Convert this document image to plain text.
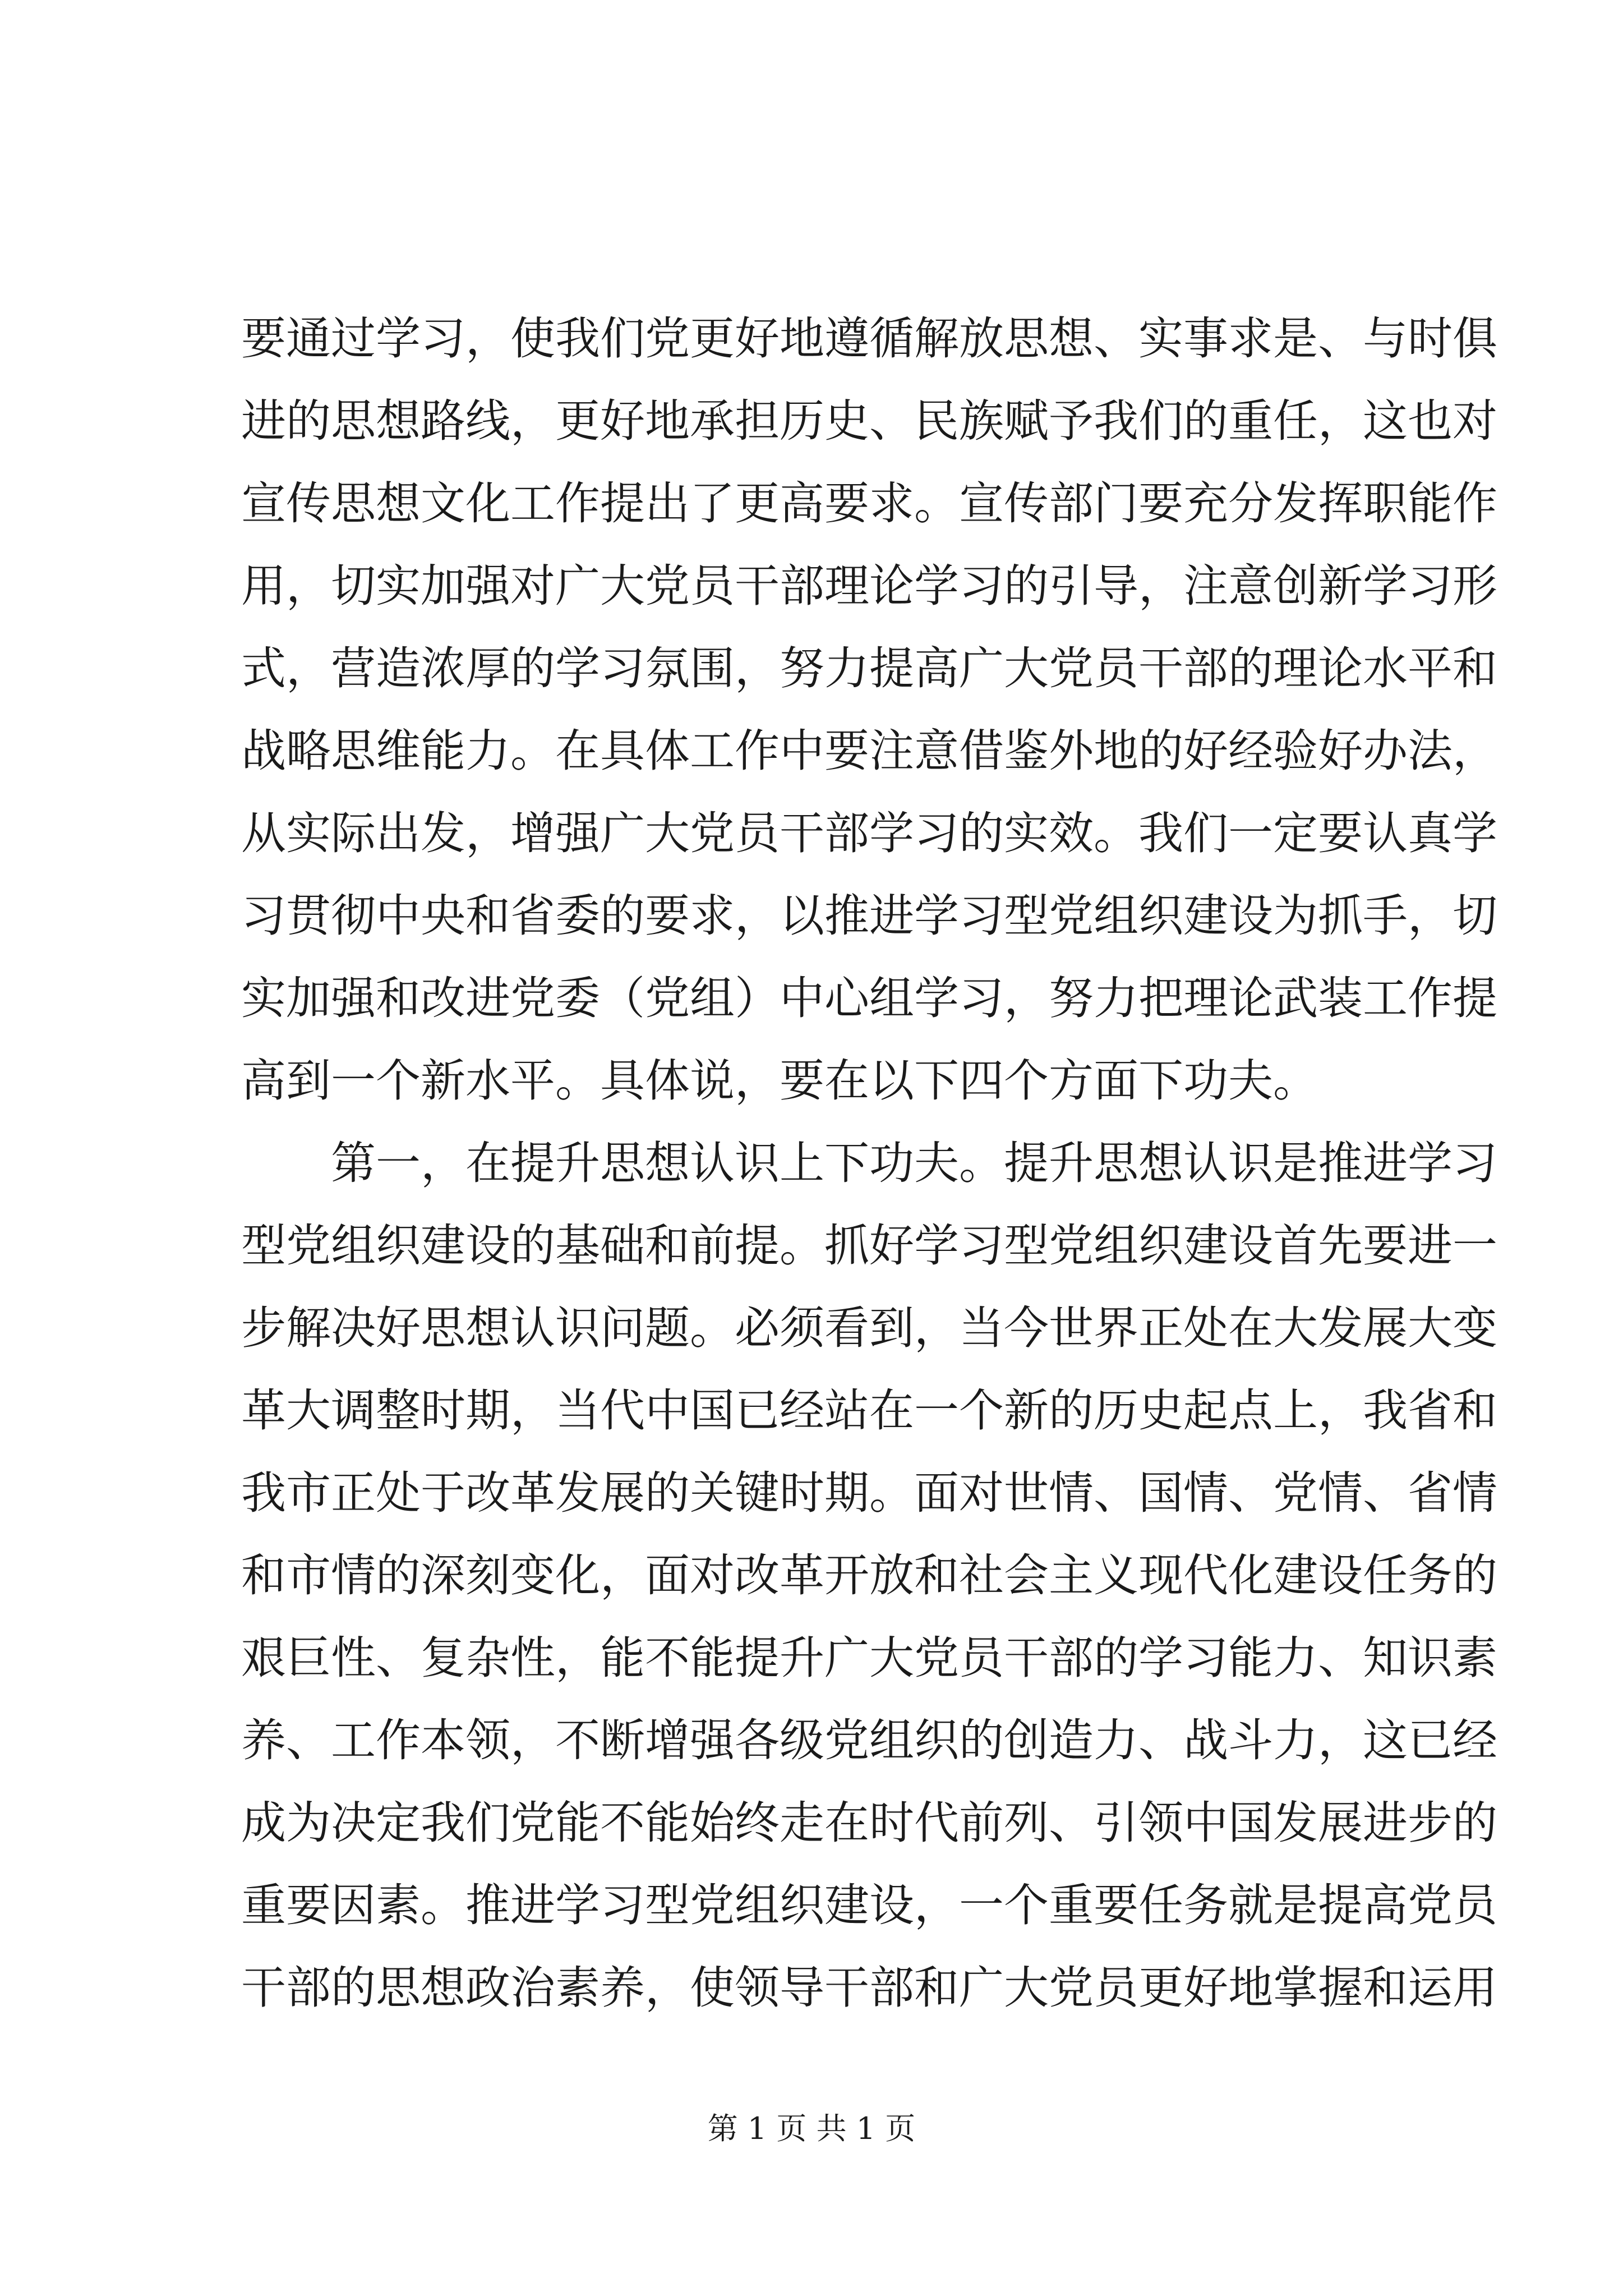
要通过学习，使我们党更好地遵循解放思想、实事求是、与时俱
进的思想路线，更好地承担历史、民族赋予我们的重任，这也对
宣传思想文化工作提出了更高要求。宣传部门要充分发挥职能作
用，切实加强对广大党员干部理论学习的引导，注意创新学习形
式，营造浓厚的学习氛围，努力提高广大党员干部的理论水平和
战略思维能力。在具体工作中要注意借鉴外地的好经验好办法，
从实际出发，增强广大党员干部学习的实效。我们一定要认真学
习贯彻中央和省委的要求，以推进学习型党组织建设为抓手，切
实加强和改进党委（党组）中心组学习，努力把理论武装工作提
高到一个新水平。具体说，要在以下四个方面下功夫。
第一，在提升思想认识上下功夫。提升思想认识是推进学习
型党组织建设的基础和前提。抓好学习型党组织建设首先要进一
步解决好思想认识问题。必须看到，当今世界正处在大发展大变
革大调整时期，当代中国已经站在一个新的历史起点上，我省和
我市正处于改革发展的关键时期。面对世情、国情、党情、省情
和市情的深刻变化，面对改革开放和社会主义现代化建设任务的
艰巨性、复杂性，能不能提升广大党员干部的学习能力、知识素
养、工作本领，不断增强各级党组织的创造力、战斗力，这已经
成为决定我们党能不能始终走在时代前列、引领中国发展进步的
重要因素。推进学习型党组织建设，一个重要任务就是提高党员
干部的思想政治素养，使领导干部和广大党员更好地掌握和运用
第 1 页 共 1 页
